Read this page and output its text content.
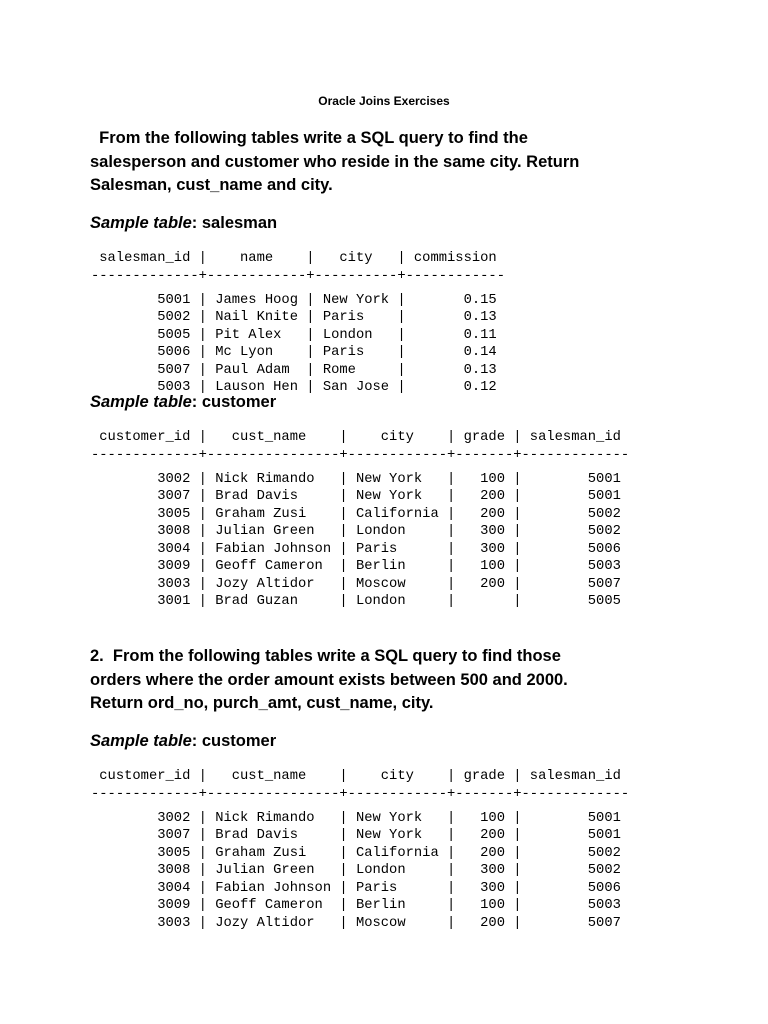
Oracle Joins Exercises

From the following tables write a SQL query to find the
salesperson and customer who reside in the same city. Return
Salesman, cust_name and city.

Sample table: salesman

salesman_id |    name    |   city   | commission
-------------+------------+----------+------------
5001 | James Hoog | New York |       0.15
5002 | Nail Knite | Paris    |       0.13
5005 | Pit Alex   | London   |       0.11
5006 | Mc Lyon    | Paris    |       0.14
5007 | Paul Adam  | Rome     |       0.13
5003 | Lauson Hen | San Jose |       0.12

Sample table: customer

customer_id |   cust_name    |    city    | grade | salesman_id
-------------+----------------+------------+-------+-------------
3002 | Nick Rimando   | New York   |   100 |        5001
3007 | Brad Davis     | New York   |   200 |        5001
3005 | Graham Zusi    | California |   200 |        5002
3008 | Julian Green   | London     |   300 |        5002
3004 | Fabian Johnson | Paris      |   300 |        5006
3009 | Geoff Cameron  | Berlin     |   100 |        5003
3003 | Jozy Altidor   | Moscow     |   200 |        5007
3001 | Brad Guzan     | London     |       |        5005

2.  From the following tables write a SQL query to find those
orders where the order amount exists between 500 and 2000.
Return ord_no, purch_amt, cust_name, city.

Sample table: customer

customer_id |   cust_name    |    city    | grade | salesman_id
-------------+----------------+------------+-------+-------------
3002 | Nick Rimando   | New York   |   100 |        5001
3007 | Brad Davis     | New York   |   200 |        5001
3005 | Graham Zusi    | California |   200 |        5002
3008 | Julian Green   | London     |   300 |        5002
3004 | Fabian Johnson | Paris      |   300 |        5006
3009 | Geoff Cameron  | Berlin     |   100 |        5003
3003 | Jozy Altidor   | Moscow     |   200 |        5007
